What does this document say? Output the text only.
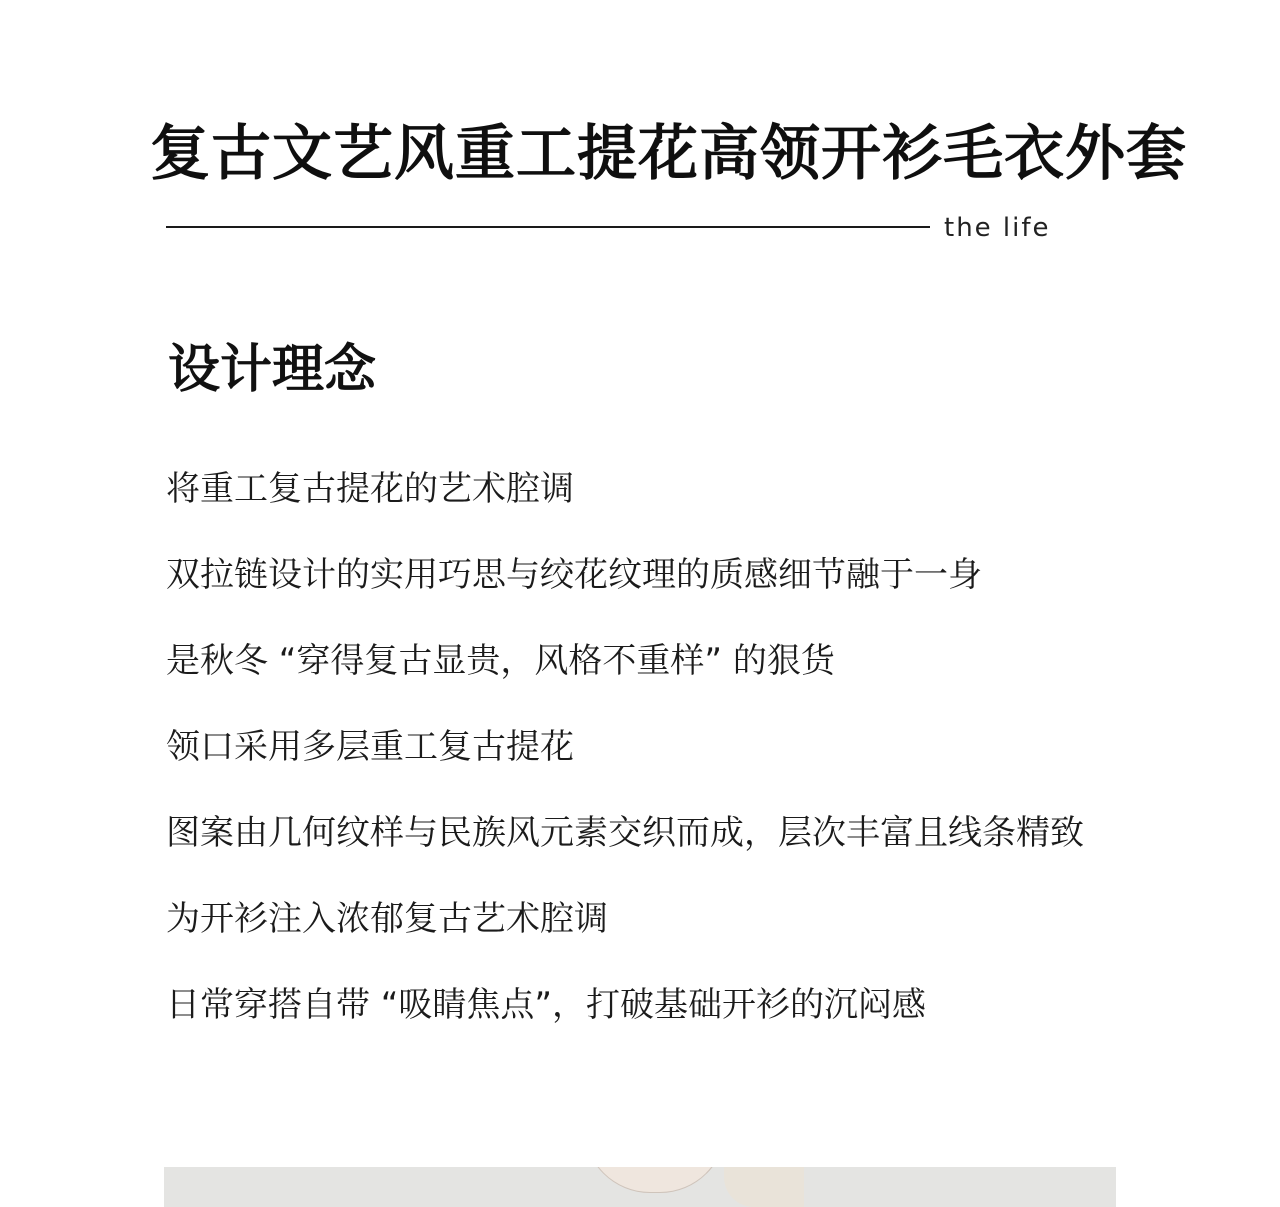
复古文艺风重工提花高领开衫毛衣外套
the life
设计理念
将重工复古提花的艺术腔调
双拉链设计的实用巧思与绞花纹理的质感细节融于一身
是秋冬 “穿得复古显贵，风格不重样” 的狠货
领口采用多层重工复古提花
图案由几何纹样与民族风元素交织而成，层次丰富且线条精致
为开衫注入浓郁复古艺术腔调
日常穿搭自带 “吸睛焦点”，打破基础开衫的沉闷感
